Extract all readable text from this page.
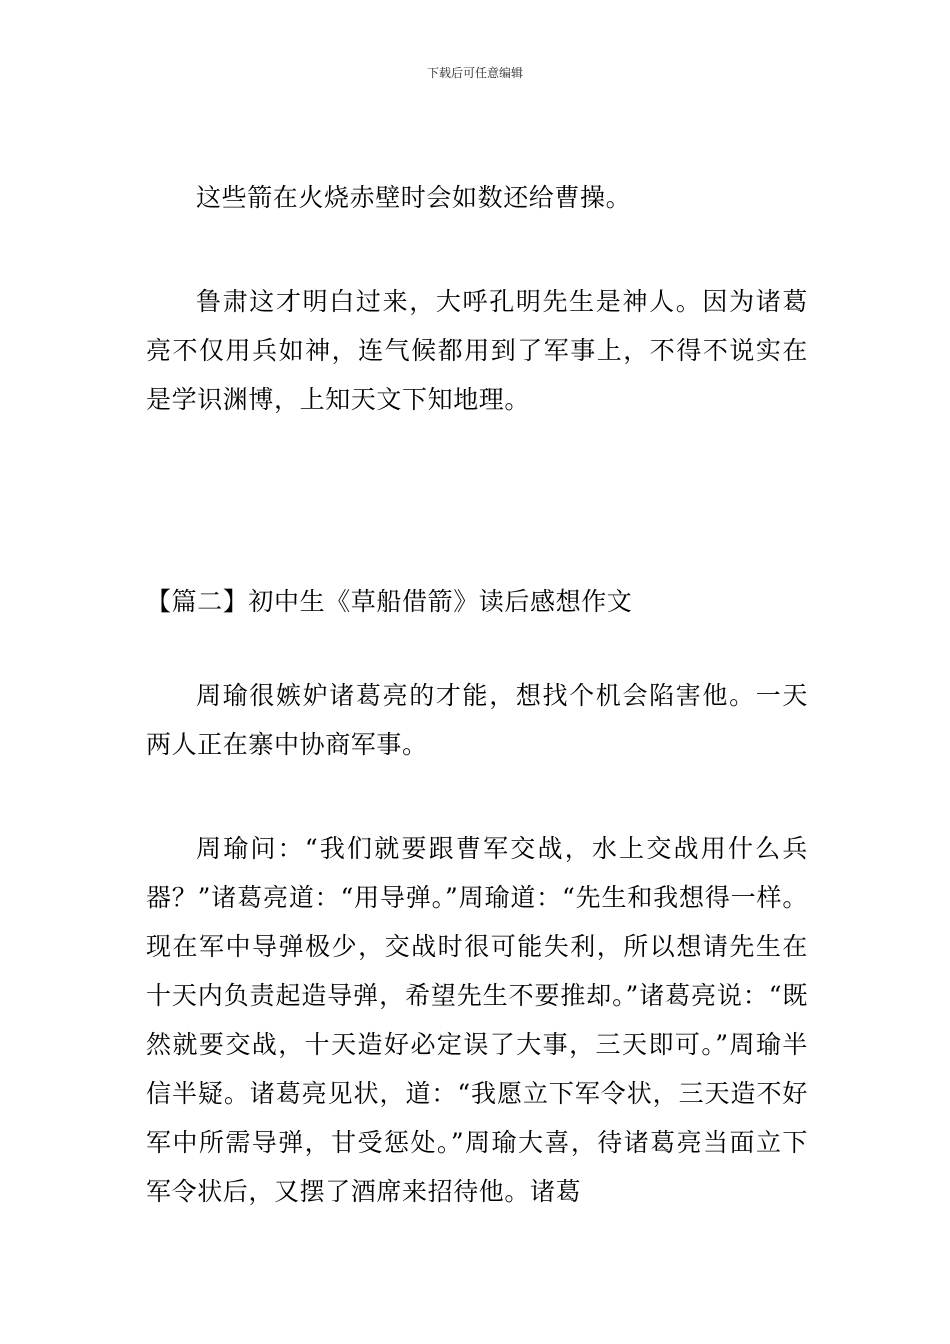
下载后可任意编辑

这些箭在火烧赤壁时会如数还给曹操。

鲁肃这才明白过来，大呼孔明先生是神人。因为诸葛亮不仅用兵如神，连气候都用到了军事上，不得不说实在是学识渊博，上知天文下知地理。

【篇二】初中生《草船借箭》读后感想作文

周瑜很嫉妒诸葛亮的才能，想找个机会陷害他。一天两人正在寨中协商军事。

周瑜问：“我们就要跟曹军交战，水上交战用什么兵器？”诸葛亮道：“用导弹。”周瑜道：“先生和我想得一样。现在军中导弹极少，交战时很可能失利，所以想请先生在十天内负责起造导弹，希望先生不要推却。”诸葛亮说：“既然就要交战，十天造好必定误了大事，三天即可。”周瑜半信半疑。诸葛亮见状，道：“我愿立下军令状，三天造不好军中所需导弹，甘受惩处。”周瑜大喜，待诸葛亮当面立下军令状后，又摆了酒席来招待他。诸葛
